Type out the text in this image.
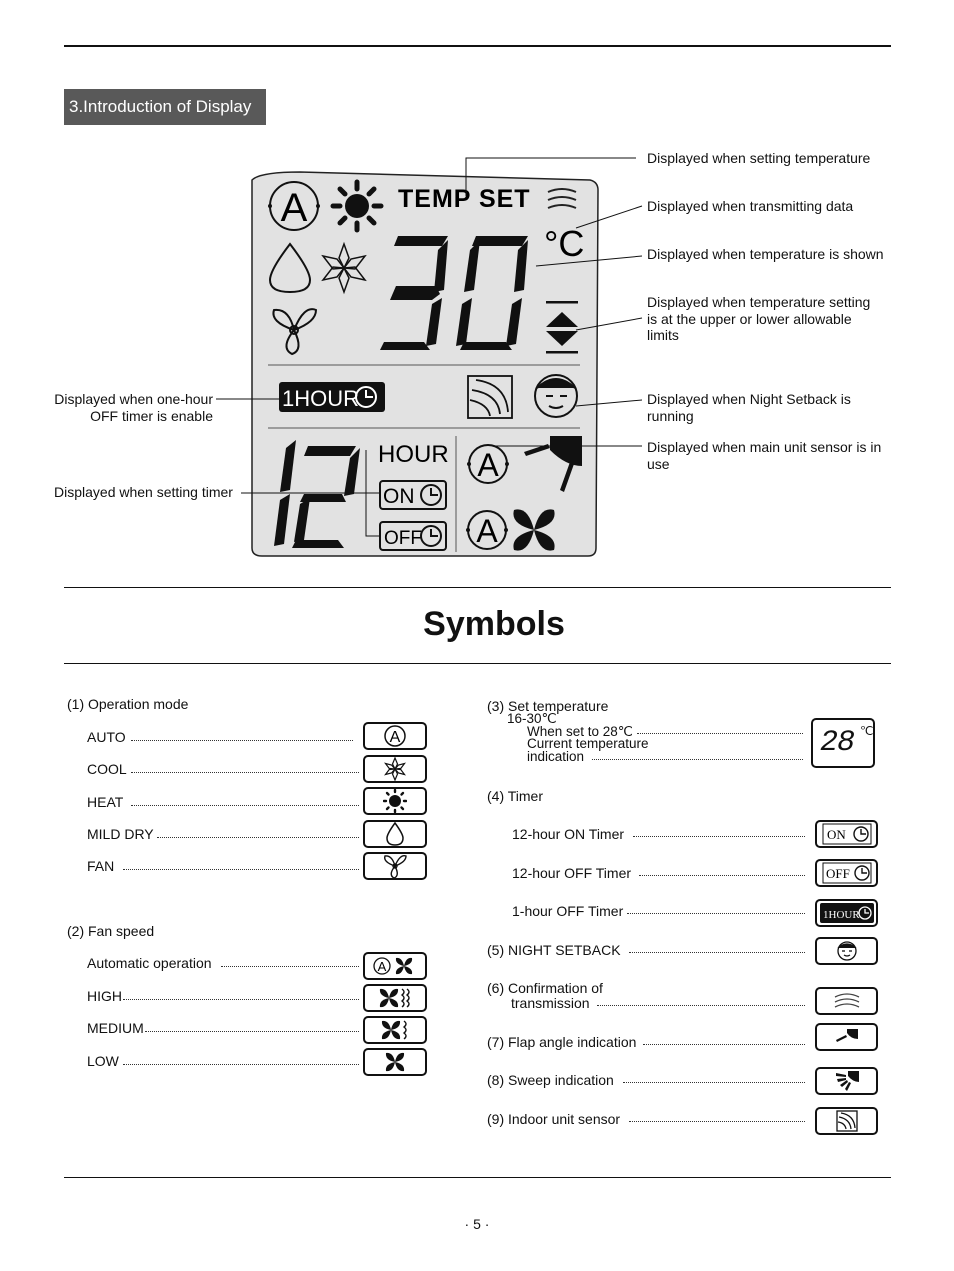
3.Introduction of Display
A	TEMP SET
°C
1HOUR
HOUR
ON
OFF
A
A
Displayed when setting temperature
Displayed when transmitting data
Displayed when temperature is shown
Displayed when temperature setting
is at the upper or lower allowable
limits
Displayed when Night Setback is
running
Displayed when main unit sensor is in
use
Displayed when one-hour
OFF timer is enable
Displayed when setting timer
Symbols
(1) Operation mode
AUTO	A
COOL
HEAT
MILD DRY
FAN
(2) Fan speed
Automatic operation	A
HIGH
MEDIUM
LOW
(3) Set temperature
16-30℃
When set to 28℃
Current temperature
indication	28 ℃
(4) Timer
12-hour ON Timer	ON
12-hour OFF Timer	OFF
1-hour OFF Timer	1HOUR
(5) NIGHT SETBACK
(6) Confirmation of
transmission
(7) Flap angle indication
(8) Sweep indication
(9) Indoor unit sensor
· 5 ·
